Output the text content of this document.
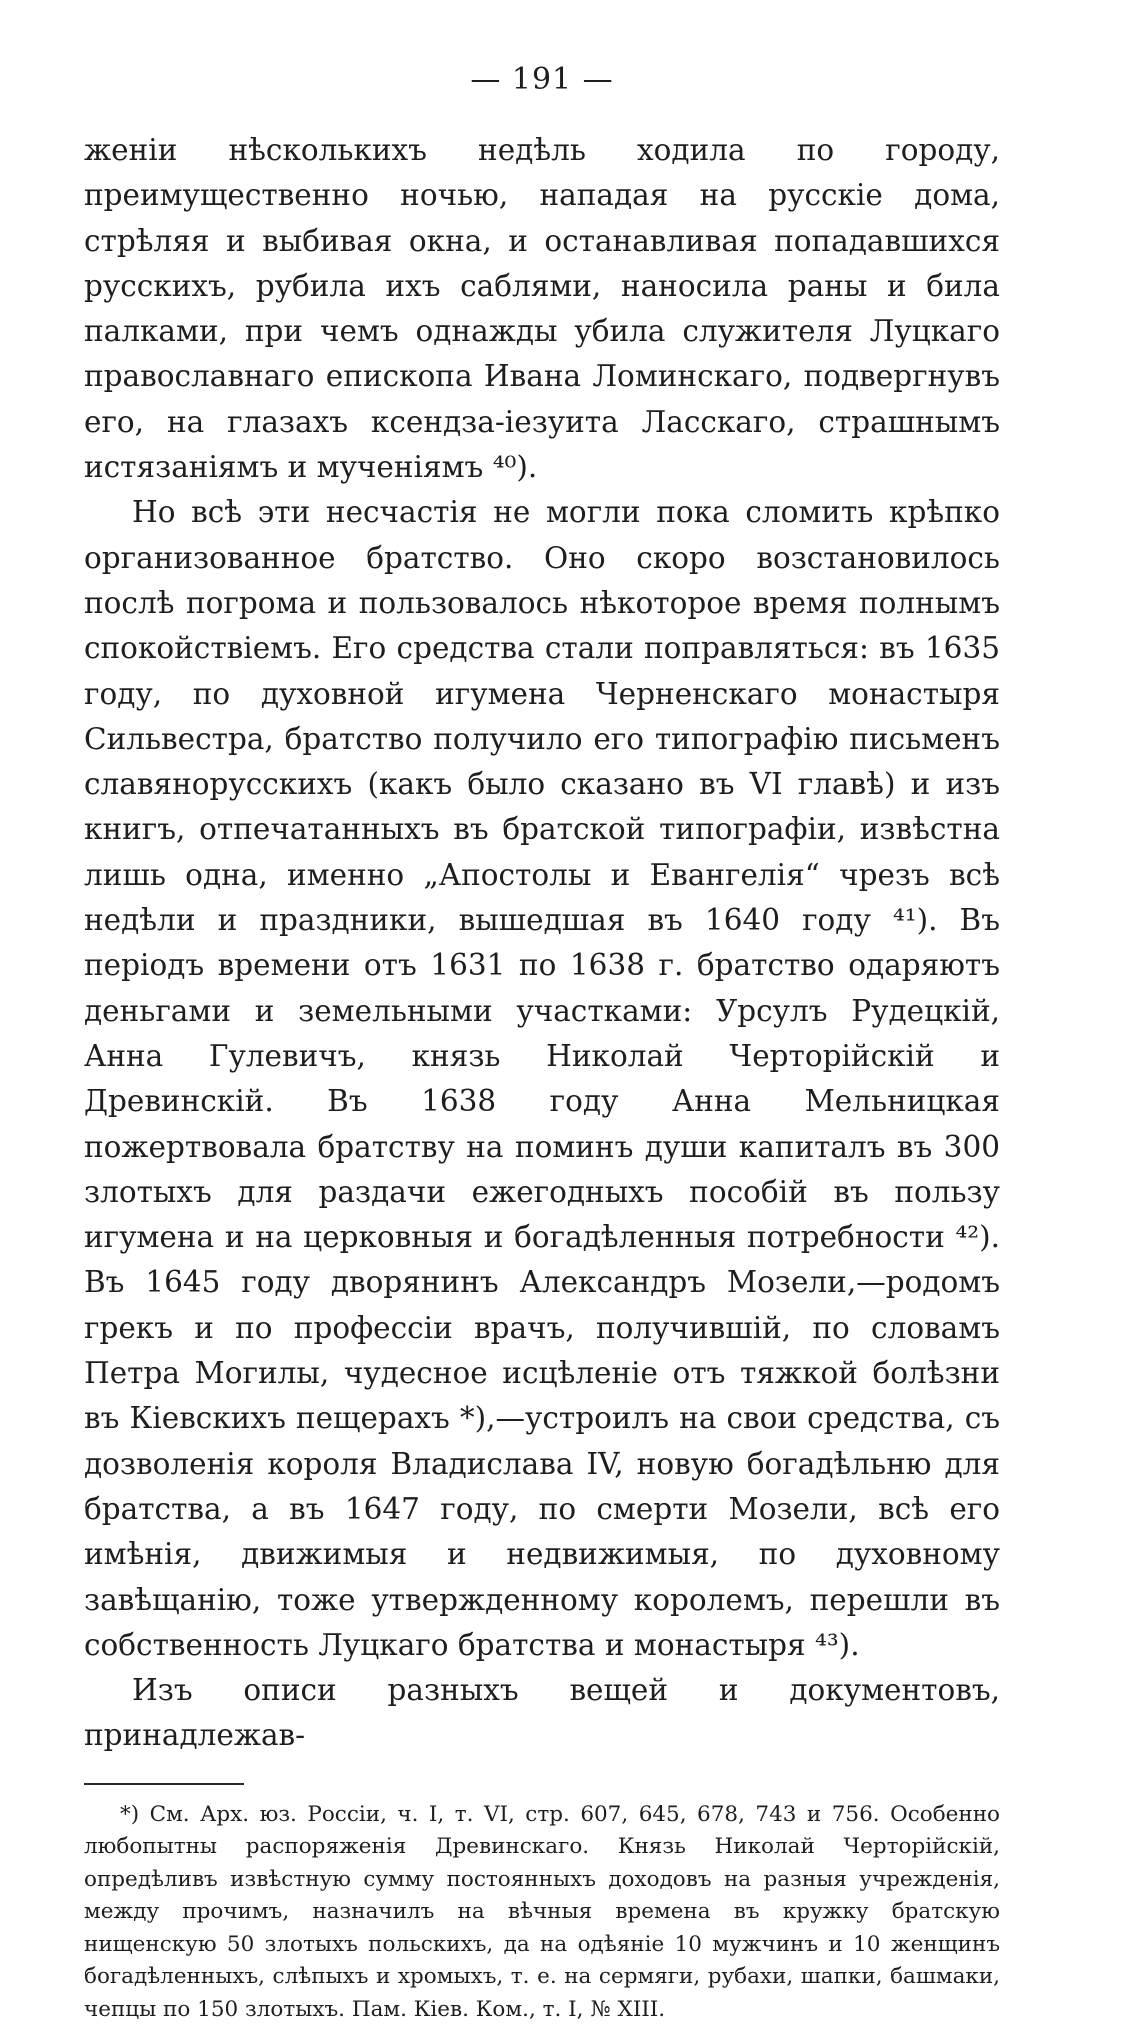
— 191 —

женіи нѣсколькихъ недѣль ходила по городу, преимущественно ночью, нападая на русскіе дома, стрѣляя и выбивая окна, и останавливая попадавшихся русскихъ, рубила ихъ саблями, наносила раны и била палками, при чемъ однажды убила служителя Луцкаго православнаго епископа Ивана Ломинскаго, подвергнувъ его, на глазахъ ксендза-іезуита Ласскаго, страшнымъ истязаніямъ и мученіямъ ⁴⁰).

Но всѣ эти несчастія не могли пока сломить крѣпко организованное братство. Оно скоро возстановилось послѣ погрома и пользовалось нѣкоторое время полнымъ спокойствіемъ. Его средства стали поправляться: въ 1635 году, по духовной игумена Черненскаго монастыря Сильвестра, братство получило его типографію письменъ славянорусскихъ (какъ было сказано въ VI главѣ) и изъ книгъ, отпечатанныхъ въ братской типографіи, извѣстна лишь одна, именно „Апостолы и Евангелія“ чрезъ всѣ недѣли и праздники, вышедшая въ 1640 году ⁴¹). Въ періодъ времени отъ 1631 по 1638 г. братство одаряютъ деньгами и земельными участками: Урсулъ Рудецкій, Анна Гулевичъ, князь Николай Черторійскій и Древинскій. Въ 1638 году Анна Мельницкая пожертвовала братству на поминъ души капиталъ въ 300 злотыхъ для раздачи ежегодныхъ пособій въ пользу игумена и на церковныя и богадѣленныя потребности ⁴²). Въ 1645 году дворянинъ Александръ Мозели,—родомъ грекъ и по профессіи врачъ, получившій, по словамъ Петра Могилы, чудесное исцѣленіе отъ тяжкой болѣзни въ Кіевскихъ пещерахъ *),—устроилъ на свои средства, съ дозволенія короля Владислава IV, новую богадѣльню для братства, а въ 1647 году, по смерти Мозели, всѣ его имѣнія, движимыя и недвижимыя, по духовному завѣщанію, тоже утвержденному королемъ, перешли въ собственность Луцкаго братства и монастыря ⁴³).

Изъ описи разныхъ вещей и документовъ, принадлежав-

*) См. Арх. юз. Россіи, ч. I, т. VI, стр. 607, 645, 678, 743 и 756. Особенно любопытны распоряженія Древинскаго. Князь Николай Черторійскій, опредѣливъ извѣстную сумму постоянныхъ доходовъ на разныя учрежденія, между прочимъ, назначилъ на вѣчныя времена въ кружку братскую нищенскую 50 злотыхъ польскихъ, да на одѣяніе 10 мужчинъ и 10 женщинъ богадѣленныхъ, слѣпыхъ и хромыхъ, т. е. на сермяги, рубахи, шапки, башмаки, чепцы по 150 злотыхъ. Пам. Кіев. Ком., т. I, № XIII.
